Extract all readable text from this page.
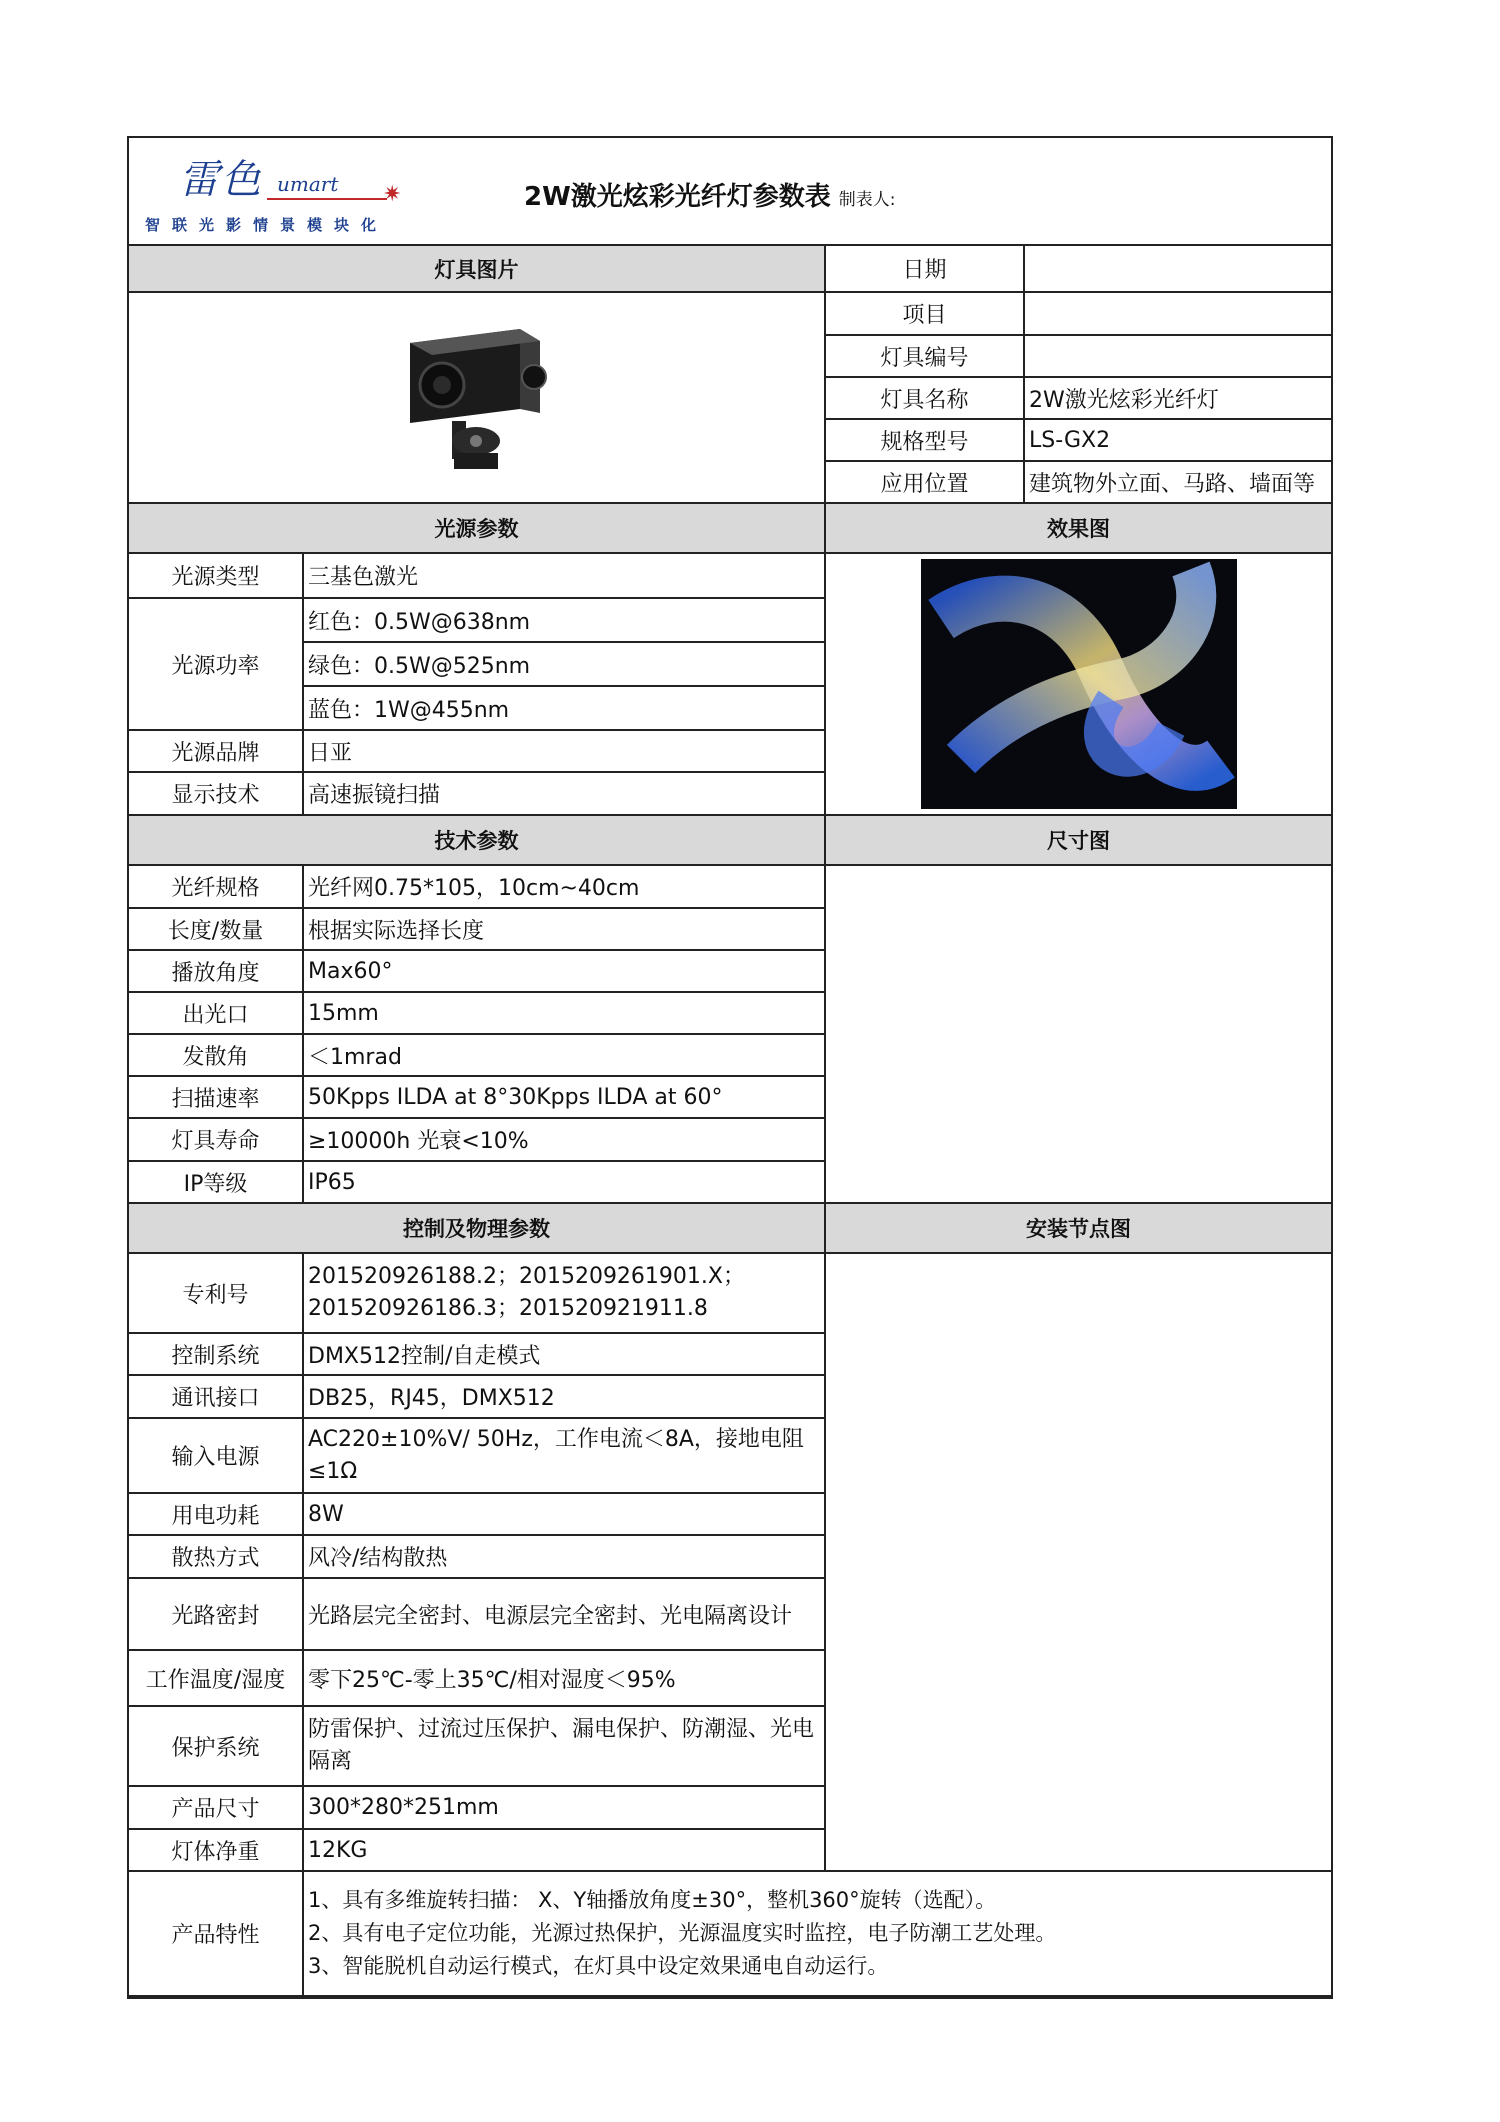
雷色 umart ✷
智联光影情景模块化
2W激光炫彩光纤灯参数表 制表人:
灯具图片	日期	

	项目	
	灯具编号	
	灯具名称	2W激光炫彩光纤灯
	规格型号	LS-GX2
	应用位置	建筑物外立面、马路、墙面等
光源参数		效果图
光源类型	三基色激光	

光源功率	红色：0.5W@638nm	
	绿色：0.5W@525nm	
	蓝色：1W@455nm	
光源品牌	日亚	
显示技术	高速振镜扫描	
技术参数		尺寸图
光纤规格	光纤网0.75*105，10cm~40cm	
长度/数量	根据实际选择长度	
播放角度	Max60°	
出光口	15mm	
发散角	＜1mrad	
扫描速率	50Kpps ILDA at 8°30Kpps ILDA at 60°	
灯具寿命	≥10000h 光衰<10%	
IP等级	IP65	
控制及物理参数		安装节点图
专利号	201520926188.2；2015209261901.X；201520926186.3；201520921911.8	
控制系统	DMX512控制/自走模式	
通讯接口	DB25，RJ45，DMX512	
输入电源	AC220±10%V/ 50Hz，工作电流＜8A，接地电阻≤1Ω	
用电功耗	8W	
散热方式	风冷/结构散热	
光路密封	光路层完全密封、电源层完全密封、光电隔离设计	
工作温度/湿度	零下25℃-零上35℃/相对湿度＜95%	
保护系统	防雷保护、过流过压保护、漏电保护、防潮湿、光电隔离	
产品尺寸	300*280*251mm	
灯体净重	12KG	
产品特性	
1、具有多维旋转扫描： X、Y轴播放角度±30°，整机360°旋转（选配）。
2、具有电子定位功能，光源过热保护，光源温度实时监控，电子防潮工艺处理。
3、智能脱机自动运行模式，在灯具中设定效果通电自动运行。
